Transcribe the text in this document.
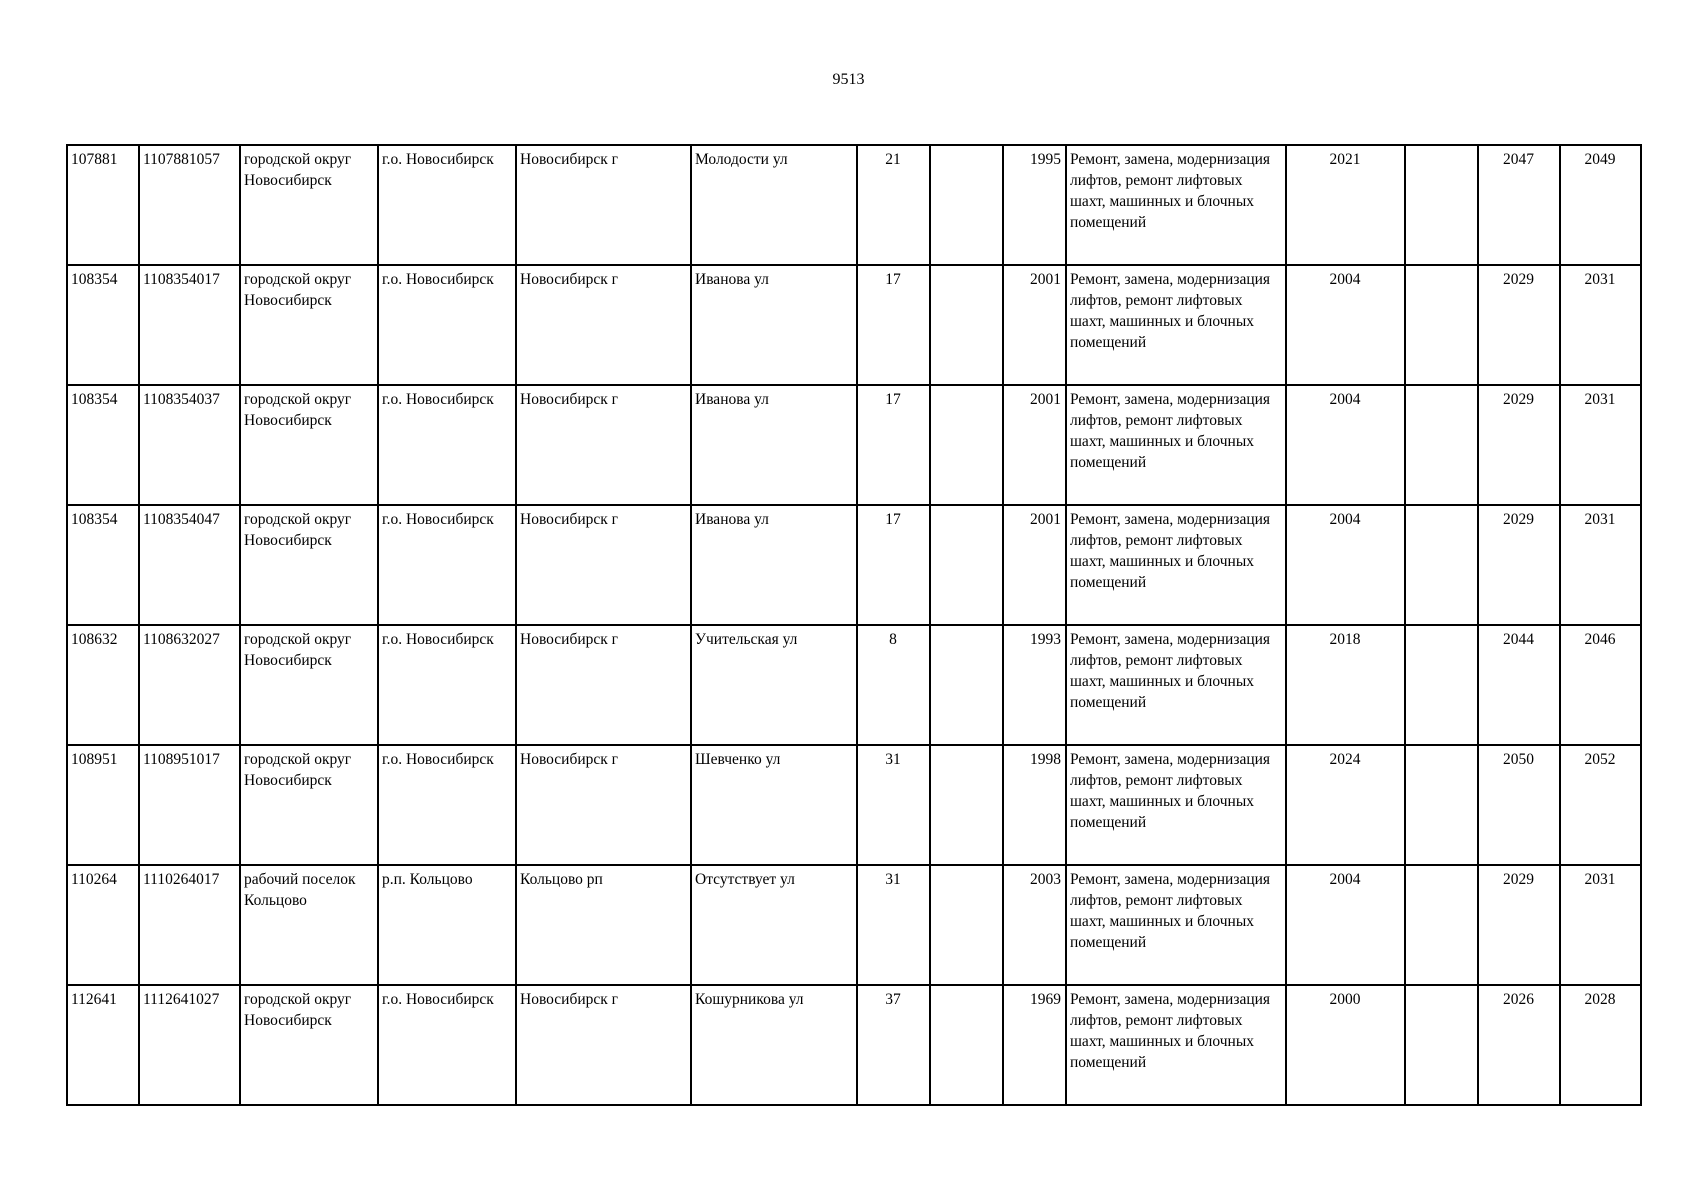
9513
107881	1107881057	городской округ Новосибирск	г.о. Новосибирск	Новосибирск г	Молодости ул	21		1995	Ремонт, замена, модернизация лифтов, ремонт лифтовых шахт, машинных и блочных помещений	2021		2047	2049
108354	1108354017	городской округ Новосибирск	г.о. Новосибирск	Новосибирск г	Иванова ул	17		2001	Ремонт, замена, модернизация лифтов, ремонт лифтовых шахт, машинных и блочных помещений	2004		2029	2031
108354	1108354037	городской округ Новосибирск	г.о. Новосибирск	Новосибирск г	Иванова ул	17		2001	Ремонт, замена, модернизация лифтов, ремонт лифтовых шахт, машинных и блочных помещений	2004		2029	2031
108354	1108354047	городской округ Новосибирск	г.о. Новосибирск	Новосибирск г	Иванова ул	17		2001	Ремонт, замена, модернизация лифтов, ремонт лифтовых шахт, машинных и блочных помещений	2004		2029	2031
108632	1108632027	городской округ Новосибирск	г.о. Новосибирск	Новосибирск г	Учительская ул	8		1993	Ремонт, замена, модернизация лифтов, ремонт лифтовых шахт, машинных и блочных помещений	2018		2044	2046
108951	1108951017	городской округ Новосибирск	г.о. Новосибирск	Новосибирск г	Шевченко ул	31		1998	Ремонт, замена, модернизация лифтов, ремонт лифтовых шахт, машинных и блочных помещений	2024		2050	2052
110264	1110264017	рабочий поселок Кольцово	р.п. Кольцово	Кольцово рп	Отсутствует ул	31		2003	Ремонт, замена, модернизация лифтов, ремонт лифтовых шахт, машинных и блочных помещений	2004		2029	2031
112641	1112641027	городской округ Новосибирск	г.о. Новосибирск	Новосибирск г	Кошурникова ул	37		1969	Ремонт, замена, модернизация лифтов, ремонт лифтовых шахт, машинных и блочных помещений	2000		2026	2028
